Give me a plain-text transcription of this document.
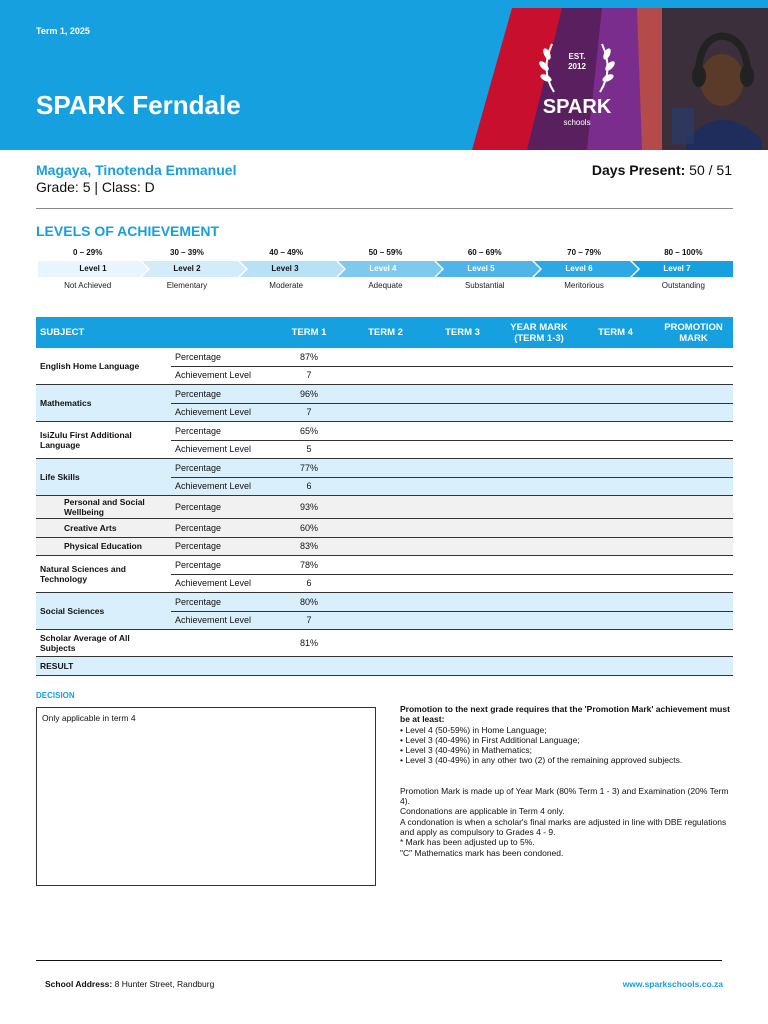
Term 1, 2025
SPARK Ferndale
EST.
2012
SPARK
schools
Magaya, Tinotenda Emmanuel
Grade: 5 | Class: D
Days Present: 50 / 51
LEVELS OF ACHIEVEMENT
0 – 29%	30 – 39%	40 – 49%	50 – 59%	60 – 69%	70 – 79%	80 – 100%
Level 1	Level 2	Level 3	Level 4	Level 5	Level 6	Level 7
Not Achieved	Elementary	Moderate	Adequate	Substantial	Meritorious	Outstanding
SUBJECT		TERM 1	TERM 2	TERM 3	YEAR MARK (TERM 1-3)	TERM 4	PROMOTION MARK
English Home Language	Percentage	87%					
	Achievement Level	7					
Mathematics	Percentage	96%					
	Achievement Level	7					
IsiZulu First Additional Language	Percentage	65%					
	Achievement Level	5					
Life Skills	Percentage	77%					
	Achievement Level	6					
Personal and Social Wellbeing	Percentage	93%					
Creative Arts	Percentage	60%					
Physical Education	Percentage	83%					
Natural Sciences and Technology	Percentage	78%					
	Achievement Level	6					
Social Sciences	Percentage	80%					
	Achievement Level	7					
Scholar Average of All Subjects		81%					
RESULT							
DECISION
Only applicable in term 4

Promotion to the next grade requires that the 'Promotion Mark' achievement must be at least:

• Level 4 (50-59%) in Home Language;

• Level 3 (40-49%) in First Additional Language;

• Level 3 (40-49%) in Mathematics;

• Level 3 (40-49%) in any other two (2) of the remaining approved subjects.

Promotion Mark is made up of Year Mark (80% Term 1 - 3) and Examination (20% Term 4).

Condonations are applicable in Term 4 only.

A condonation is when a scholar's final marks are adjusted in line with DBE regulations and apply as compulsory to Grades 4 - 9.

* Mark has been adjusted up to 5%.

"C" Mathematics mark has been condoned.

School Address: 8 Hunter Street, Randburg	www.sparkschools.co.za
